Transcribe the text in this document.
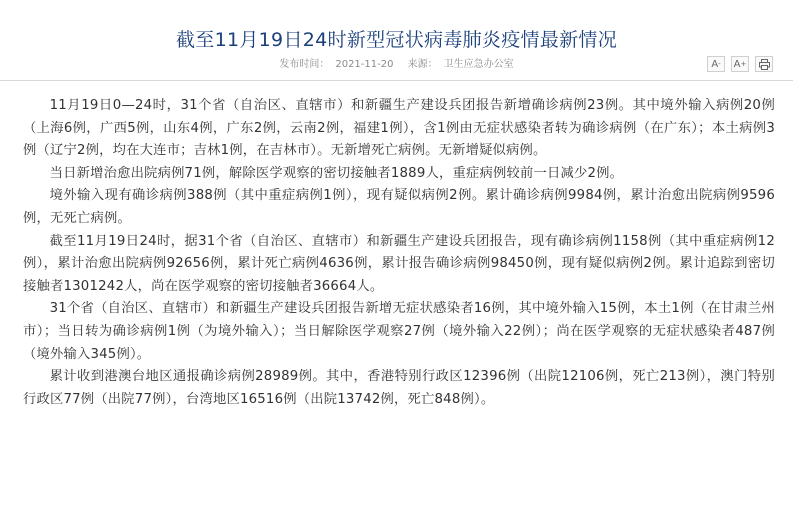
截至11月19日24时新型冠状病毒肺炎疫情最新情况
发布时间： 2021-11-20 来源： 卫生应急办公室	A - A +

11月19日0—24时，31个省（自治区、直辖市）和新疆生产建设兵团报告新增确诊病例23例。其中境外输入病例20例（上海6例，广西5例，山东4例，广东2例，云南2例，福建1例），含1例由无症状感染者转为确诊病例（在广东）；本土病例3例（辽宁2例，均在大连市；吉林1例，在吉林市）。无新增死亡病例。无新增疑似病例。

当日新增治愈出院病例71例，解除医学观察的密切接触者1889人，重症病例较前一日减少2例。

境外输入现有确诊病例388例（其中重症病例1例），现有疑似病例2例。累计确诊病例9984例，累计治愈出院病例9596例，无死亡病例。

截至11月19日24时，据31个省（自治区、直辖市）和新疆生产建设兵团报告，现有确诊病例1158例（其中重症病例12例），累计治愈出院病例92656例，累计死亡病例4636例，累计报告确诊病例98450例，现有疑似病例2例。累计追踪到密切接触者1301242人，尚在医学观察的密切接触者36664人。

31个省（自治区、直辖市）和新疆生产建设兵团报告新增无症状感染者16例，其中境外输入15例，本土1例（在甘肃兰州市）；当日转为确诊病例1例（为境外输入）；当日解除医学观察27例（境外输入22例）；尚在医学观察的无症状感染者487例（境外输入345例）。

累计收到港澳台地区通报确诊病例28989例。其中，香港特别行政区12396例（出院12106例，死亡213例），澳门特别行政区77例（出院77例），台湾地区16516例（出院13742例，死亡848例）。
